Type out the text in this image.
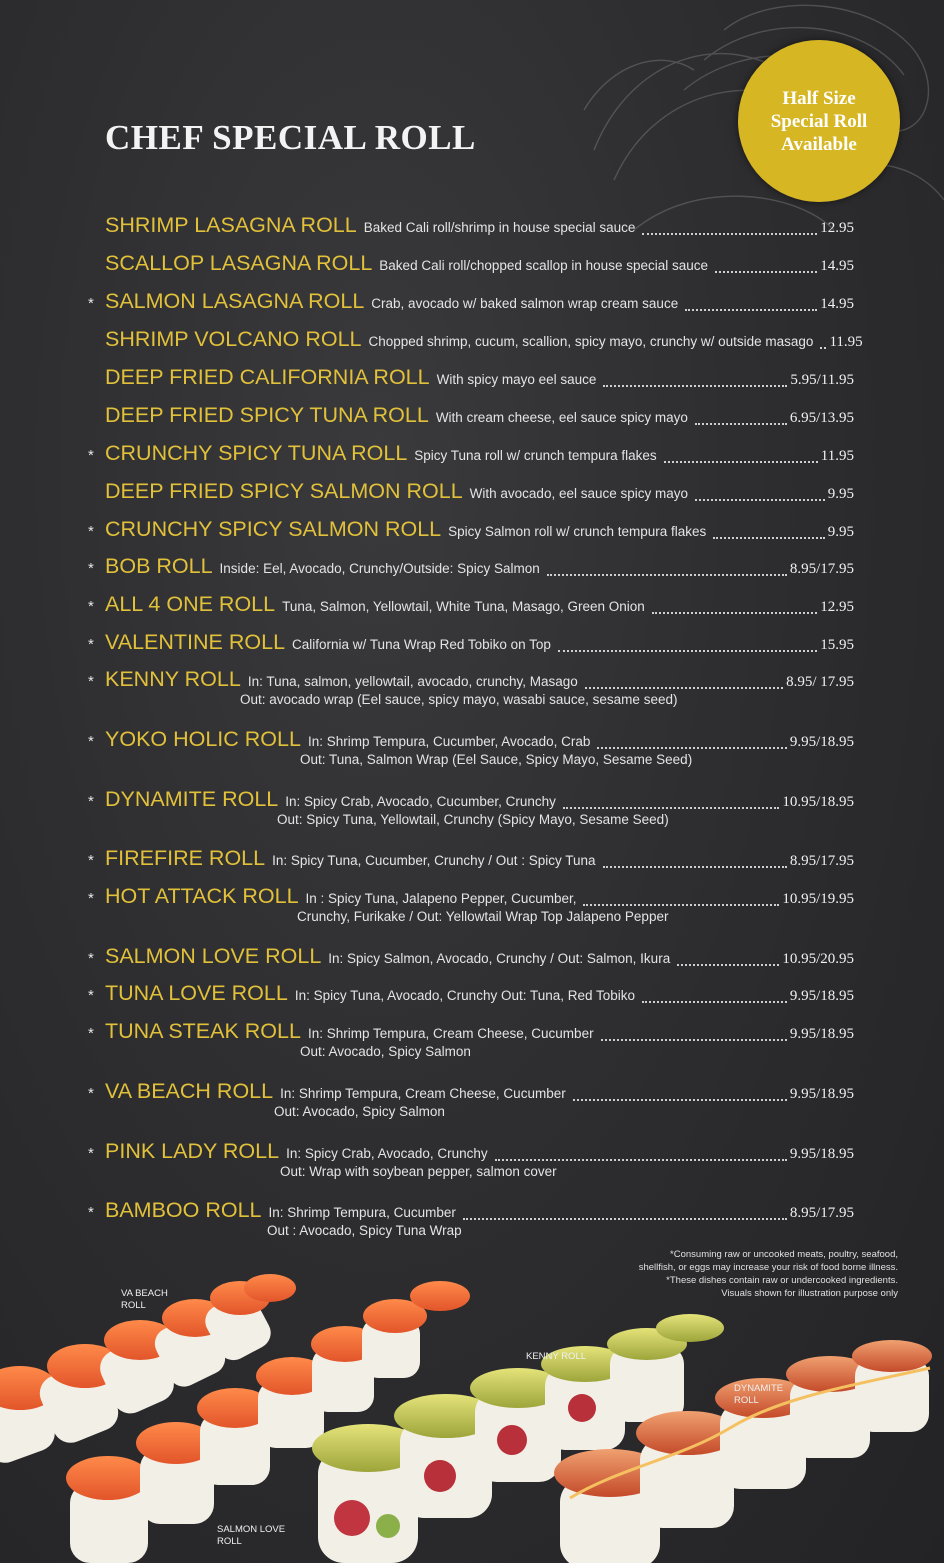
CHEF SPECIAL ROLL
Half Size
Special Roll
Available
SHRIMP LASAGNA ROLL Baked Cali roll/shrimp in house special sauce	12.95
SCALLOP LASAGNA ROLL Baked Cali roll/chopped scallop in house special sauce	14.95
* SALMON LASAGNA ROLL Crab, avocado w/ baked salmon wrap cream sauce	14.95
SHRIMP VOLCANO ROLL Chopped shrimp, cucum, scallion, spicy mayo, crunchy w/ outside masago 11.95
DEEP FRIED CALIFORNIA ROLL With spicy mayo eel sauce	5.95/11.95
DEEP FRIED SPICY TUNA ROLL With cream cheese, eel sauce spicy mayo	6.95/13.95
* CRUNCHY SPICY TUNA ROLL Spicy Tuna roll w/ crunch tempura flakes	11.95
DEEP FRIED SPICY SALMON ROLL With avocado, eel sauce spicy mayo	9.95
* CRUNCHY SPICY SALMON ROLL Spicy Salmon roll w/ crunch tempura flakes	9.95
* BOB ROLL Inside: Eel, Avocado, Crunchy/Outside: Spicy Salmon	8.95/17.95
* ALL 4 ONE ROLL Tuna, Salmon, Yellowtail, White Tuna, Masago, Green Onion	12.95
* VALENTINE ROLL California w/ Tuna Wrap Red Tobiko on Top	15.95
* KENNY ROLL In: Tuna, salmon, yellowtail, avocado, crunchy, Masago	8.95/ 17.95
Out: avocado wrap (Eel sauce, spicy mayo, wasabi sauce, sesame seed)
* YOKO HOLIC ROLL In: Shrimp Tempura, Cucumber, Avocado, Crab	9.95/18.95
Out: Tuna, Salmon Wrap (Eel Sauce, Spicy Mayo, Sesame Seed)
* DYNAMITE ROLL In: Spicy Crab, Avocado, Cucumber, Crunchy	10.95/18.95
Out: Spicy Tuna, Yellowtail, Crunchy (Spicy Mayo, Sesame Seed)
* FIREFIRE ROLL In: Spicy Tuna, Cucumber, Crunchy / Out : Spicy Tuna	8.95/17.95
* HOT ATTACK ROLL In : Spicy Tuna, Jalapeno Pepper, Cucumber,	10.95/19.95
Crunchy, Furikake / Out: Yellowtail Wrap Top Jalapeno Pepper
* SALMON LOVE ROLL In: Spicy Salmon, Avocado, Crunchy / Out: Salmon, Ikura	10.95/20.95
* TUNA LOVE ROLL In: Spicy Tuna, Avocado, Crunchy Out: Tuna, Red Tobiko	9.95/18.95
* TUNA STEAK ROLL In: Shrimp Tempura, Cream Cheese, Cucumber	9.95/18.95
Out: Avocado, Spicy Salmon
* VA BEACH ROLL In: Shrimp Tempura, Cream Cheese, Cucumber	9.95/18.95
Out: Avocado, Spicy Salmon
* PINK LADY ROLL In: Spicy Crab, Avocado, Crunchy	9.95/18.95
Out: Wrap with soybean pepper, salmon cover
* BAMBOO ROLL In: Shrimp Tempura, Cucumber	8.95/17.95
Out : Avocado, Spicy Tuna Wrap
*Consuming raw or uncooked meats, poultry, seafood,
shellfish, or eggs may increase your risk of food borne illness.
*These dishes contain raw or undercooked ingredients.
Visuals shown for illustration purpose only
VA BEACH
ROLL
KENNY ROLL
DYNAMITE
ROLL
SALMON LOVE
ROLL
